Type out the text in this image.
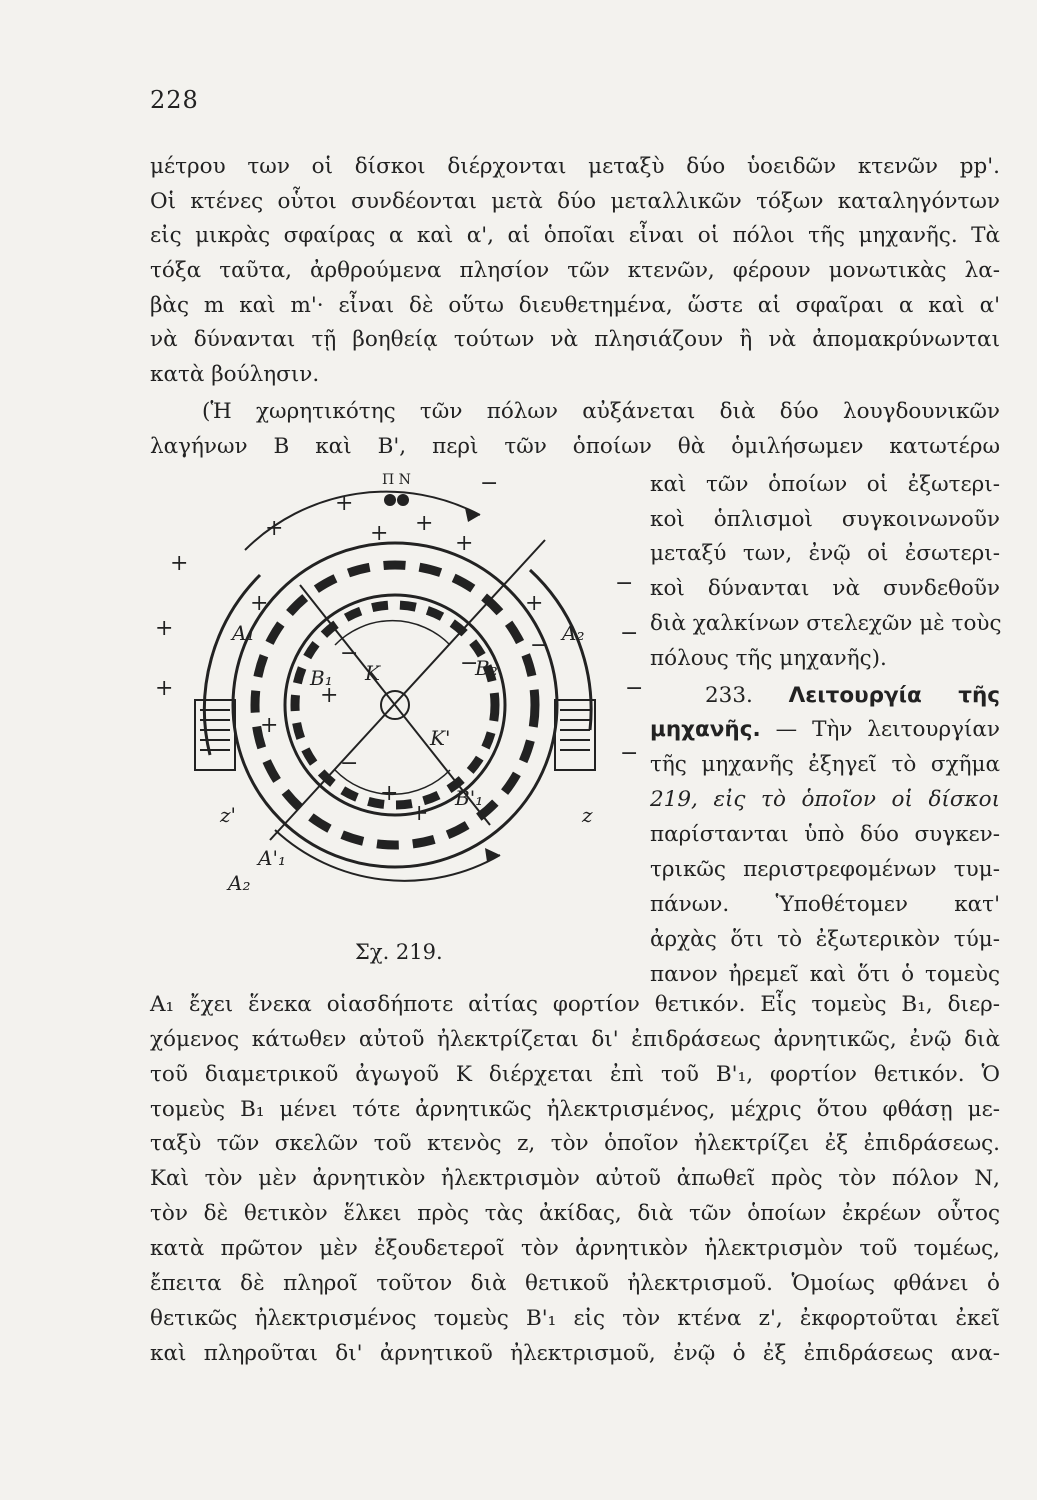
228
μέτρου των οἱ δίσκοι διέρχονται μεταξὺ δύο ὑοειδῶν κτενῶν pp'.
Οἱ κτένες οὗτοι συνδέονται μετὰ δύο μεταλλικῶν τόξων καταληγόντων
εἰς μικρὰς σφαίρας α καὶ α', αἱ ὁποῖαι εἶναι οἱ πόλοι τῆς μηχανῆς. Τὰ
τόξα ταῦτα, ἀρθρούμενα πλησίον τῶν κτενῶν, φέρουν μονωτικὰς λα-
βὰς m καὶ m'· εἶναι δὲ οὕτω διευθετημένα, ὥστε αἱ σφαῖραι α καὶ α'
νὰ δύνανται τῇ βοηθείᾳ τούτων νὰ πλησιάζουν ἢ νὰ ἀπομακρύνωνται
κατὰ βούλησιν.
(Ἡ χωρητικότης τῶν πόλων αὐξάνεται διὰ δύο λουγδουνικῶν
λαγήνων Β καὶ Β', περὶ τῶν ὁποίων θὰ ὁμιλήσωμεν κατωτέρω
καὶ τῶν ὁποίων οἱ ἐξωτερι-
κοὶ ὁπλισμοὶ συγκοινωνοῦν
μεταξύ των, ἐνῷ οἱ ἐσωτερι-
κοὶ δύνανται νὰ συνδεθοῦν
διὰ χαλκίνων στελεχῶν μὲ τοὺς
πόλους τῆς μηχανῆς).
233. Λειτουργία τῆς
μηχανῆς. — Τὴν λειτουργίαν
τῆς μηχανῆς ἐξηγεῖ τὸ σχῆμα
219, εἰς τὸ ὁποῖον οἱ δίσκοι
παρίστανται ὑπὸ δύο συγκεν-
τρικῶς περιστρεφομένων τυμ-
πάνων. Ὑποθέτομεν κατ'
ἀρχὰς ὅτι τὸ ἐξωτερικὸν τύμ-
πανον ἠρεμεῖ καὶ ὅτι ὁ τομεὺς
+
+
+
+
+
+
+ +
+
+
+
+
+
+
−
−
−
−
−
−
−
−
−
Π Ν
A₁	A₂
A'₁
A₂
B₁	B₂
B'₁
K
K'
z
z'
Σχ. 219.
A₁ ἔχει ἕνεκα οἱασδήποτε αἰτίας φορτίον θετικόν. Εἷς τομεὺς Β₁, διερ-
χόμενος κάτωθεν αὐτοῦ ἠλεκτρίζεται δι' ἐπιδράσεως ἀρνητικῶς, ἐνῷ διὰ
τοῦ διαμετρικοῦ ἀγωγοῦ Κ διέρχεται ἐπὶ τοῦ Β'₁, φορτίον θετικόν. Ὁ
τομεὺς Β₁ μένει τότε ἀρνητικῶς ἠλεκτρισμένος, μέχρις ὅτου φθάσῃ με-
ταξὺ τῶν σκελῶν τοῦ κτενὸς z, τὸν ὁποῖον ἠλεκτρίζει ἐξ ἐπιδράσεως.
Καὶ τὸν μὲν ἀρνητικὸν ἠλεκτρισμὸν αὐτοῦ ἀπωθεῖ πρὸς τὸν πόλον Ν,
τὸν δὲ θετικὸν ἕλκει πρὸς τὰς ἀκίδας, διὰ τῶν ὁποίων ἐκρέων οὗτος
κατὰ πρῶτον μὲν ἐξουδετεροῖ τὸν ἀρνητικὸν ἠλεκτρισμὸν τοῦ τομέως,
ἔπειτα δὲ πληροῖ τοῦτον διὰ θετικοῦ ἠλεκτρισμοῦ. Ὁμοίως φθάνει ὁ
θετικῶς ἠλεκτρισμένος τομεὺς Β'₁ εἰς τὸν κτένα z', ἐκφορτοῦται ἐκεῖ
καὶ πληροῦται δι' ἀρνητικοῦ ἠλεκτρισμοῦ, ἐνῷ ὁ ἐξ ἐπιδράσεως ανα-
